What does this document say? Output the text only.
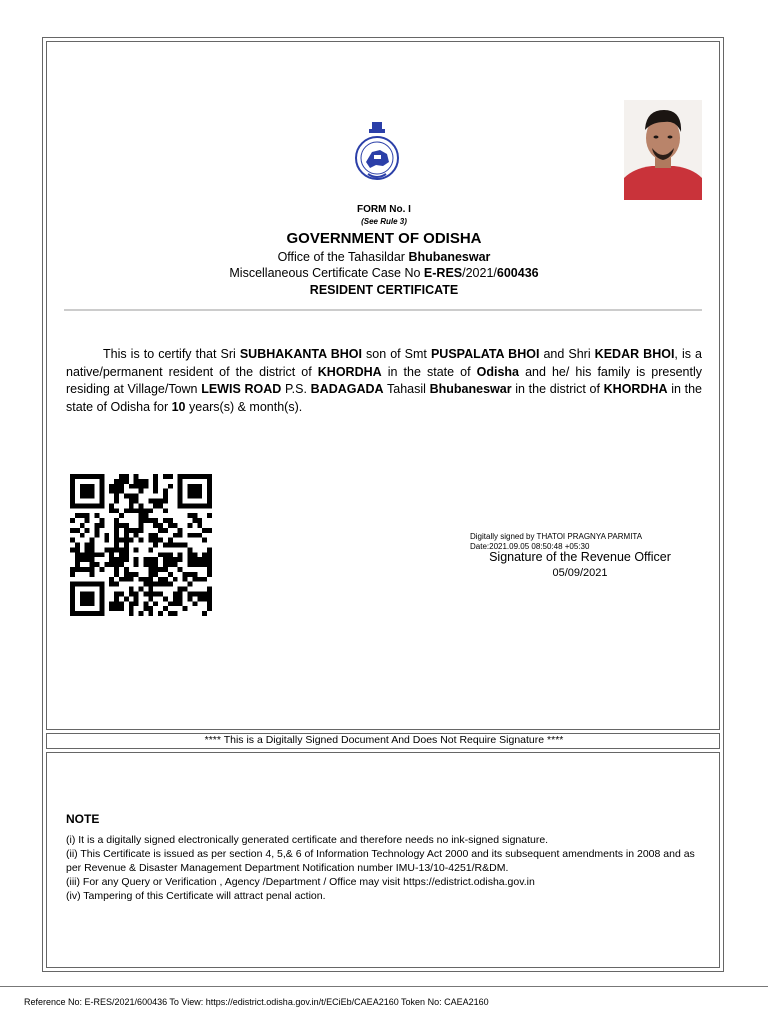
FORM No. I
(See Rule 3)
GOVERNMENT OF ODISHA
Office of the Tahasildar Bhubaneswar
Miscellaneous Certificate Case No E-RES/2021/600436
RESIDENT CERTIFICATE
This is to certify that Sri SUBHAKANTA BHOI son of Smt PUSPALATA BHOI and Shri KEDAR BHOI, is a native/permanent resident of the district of KHORDHA in the state of Odisha and he/ his family is presently residing at Village/Town LEWIS ROAD P.S. BADAGADA Tahasil Bhubaneswar in the district of KHORDHA in the state of Odisha for 10 years(s) & month(s).
Digitally signed by THATOI PRAGNYA PARMITA
Date:2021.09.05 08:50:48 +05:30
Signature of the Revenue Officer
05/09/2021
**** This is a Digitally Signed Document And Does Not Require Signature ****
NOTE
(i) It is a digitally signed electronically generated certificate and therefore needs no ink-signed signature.
(ii) This Certificate is issued as per section 4, 5,& 6 of Information Technology Act 2000 and its subsequent amendments in 2008 and as per Revenue & Disaster Management Department Notification number IMU-13/10-4251/R&DM.
(iii) For any Query or Verification , Agency /Department / Office may visit https://edistrict.odisha.gov.in
(iv) Tampering of this Certificate will attract penal action.
Reference No: E-RES/2021/600436 To View: https://edistrict.odisha.gov.in/t/ECiEb/CAEA2160 Token No: CAEA2160
